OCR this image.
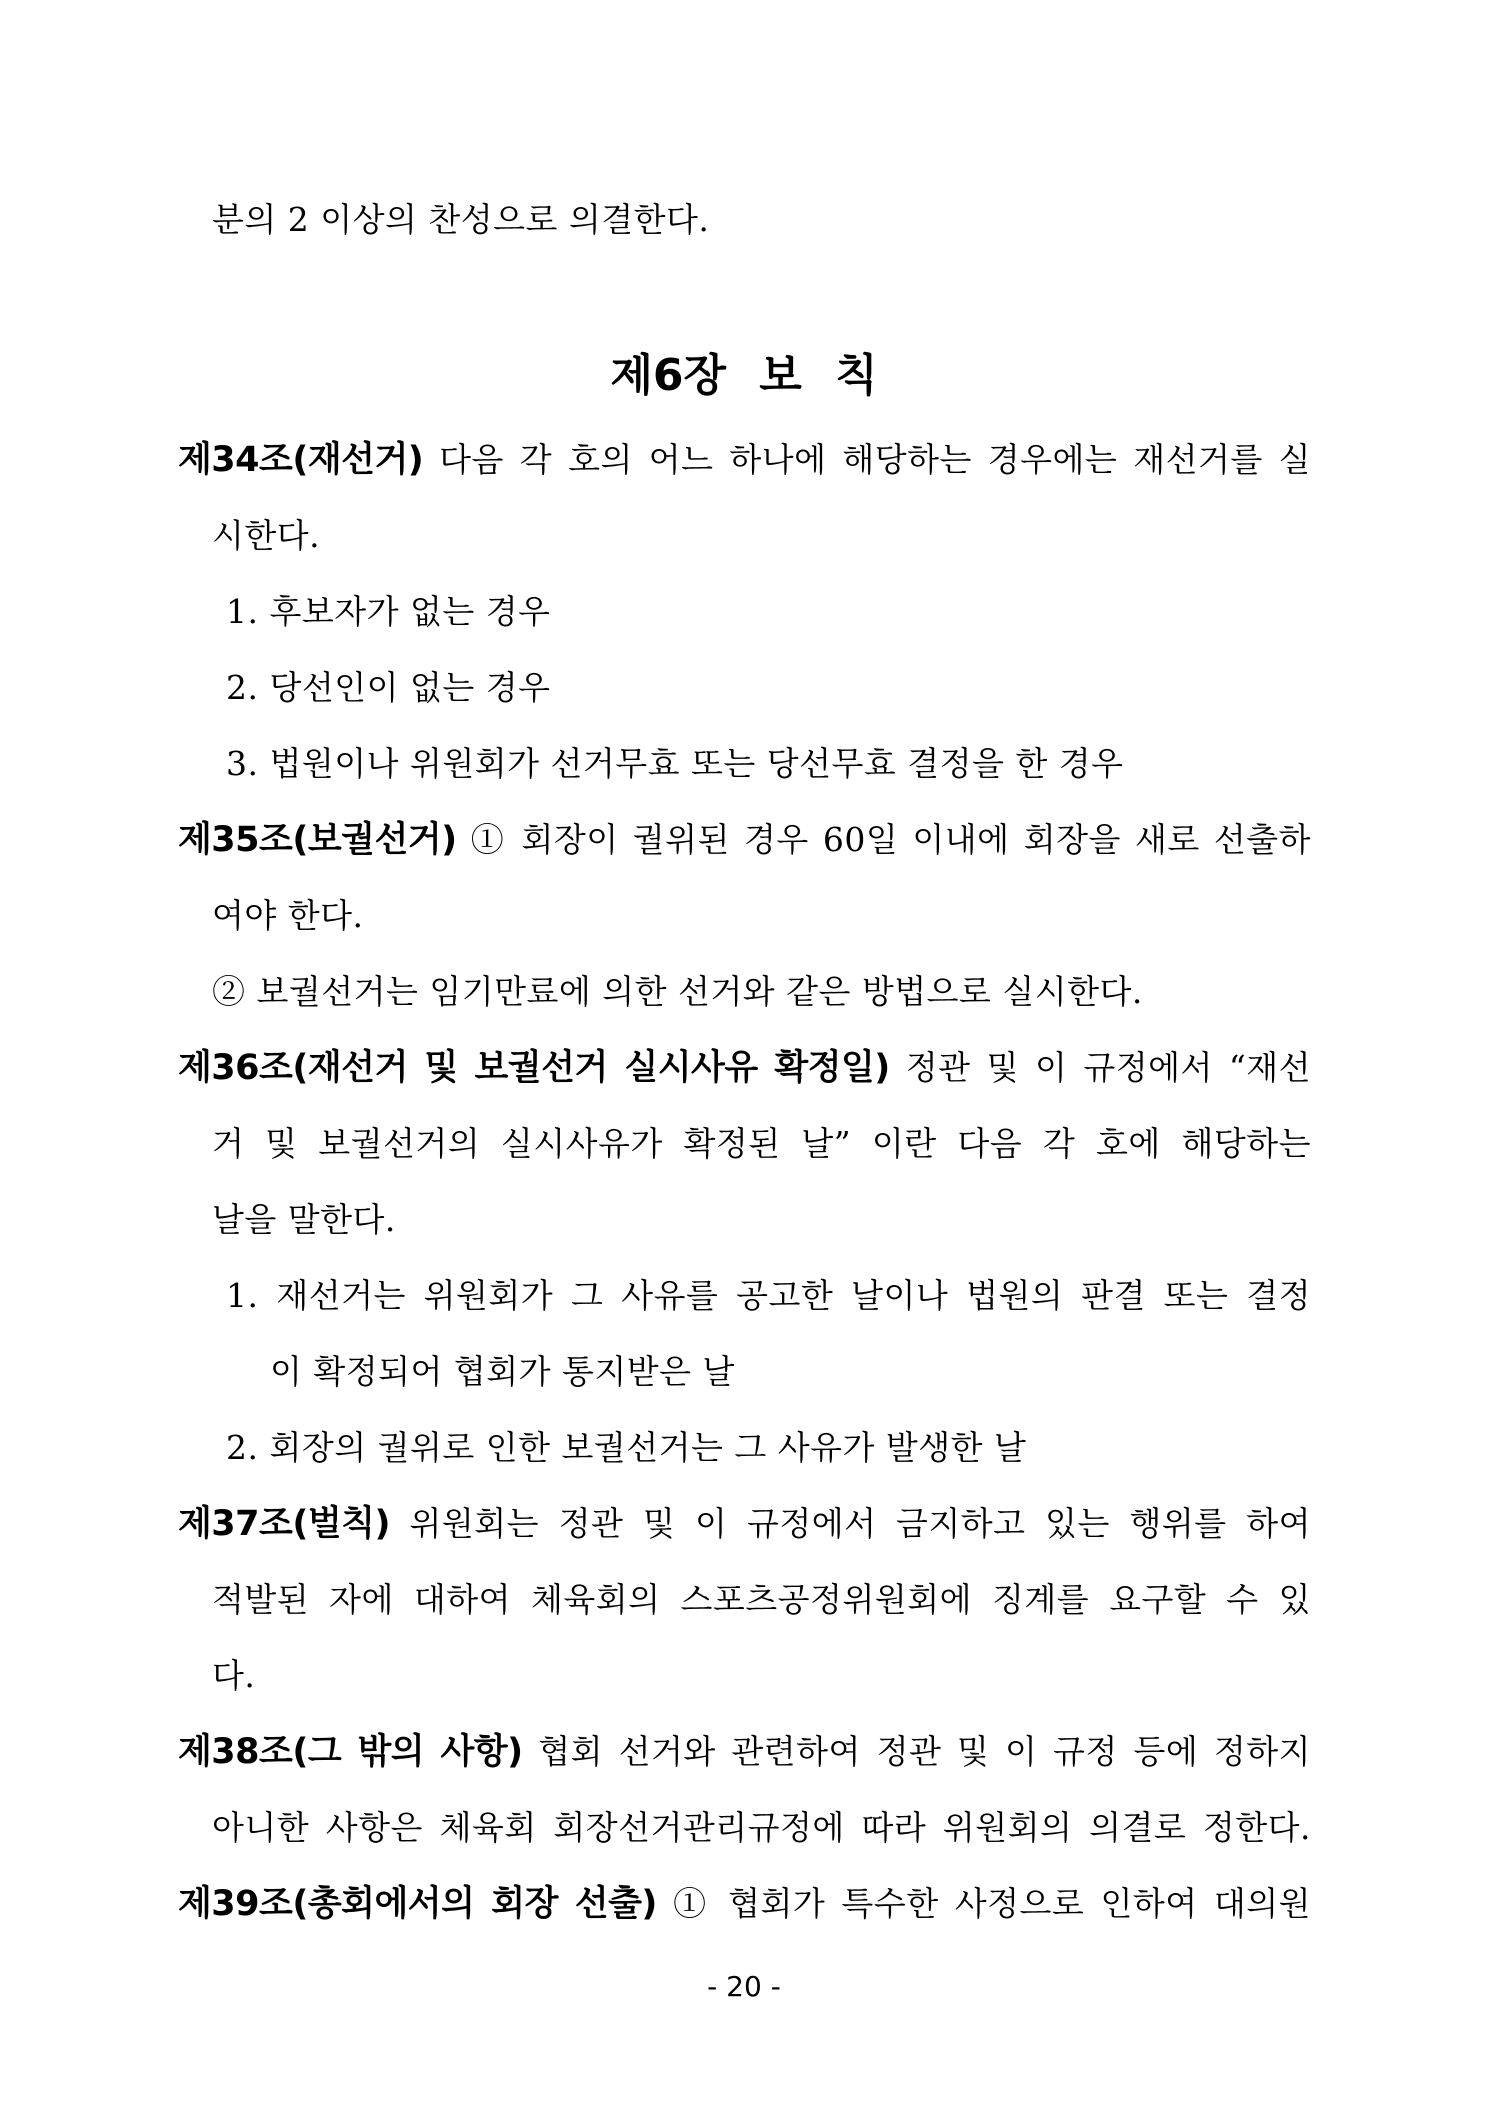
분의 2 이상의 찬성으로 의결한다.
제6장 보 칙
제34조(재선거) 다음 각 호의 어느 하나에 해당하는 경우에는 재선거를 실
시한다.
1. 후보자가 없는 경우
2. 당선인이 없는 경우
3. 법원이나 위원회가 선거무효 또는 당선무효 결정을 한 경우
제35조(보궐선거) ① 회장이 궐위된 경우 60일 이내에 회장을 새로 선출하
여야 한다.
② 보궐선거는 임기만료에 의한 선거와 같은 방법으로 실시한다.
제36조(재선거 및 보궐선거 실시사유 확정일) 정관 및 이 규정에서 “재선
거 및 보궐선거의 실시사유가 확정된 날” 이란 다음 각 호에 해당하는
날을 말한다.
1. 재선거는 위원회가 그 사유를 공고한 날이나 법원의 판결 또는 결정
이 확정되어 협회가 통지받은 날
2. 회장의 궐위로 인한 보궐선거는 그 사유가 발생한 날
제37조(벌칙) 위원회는 정관 및 이 규정에서 금지하고 있는 행위를 하여
적발된 자에 대하여 체육회의 스포츠공정위원회에 징계를 요구할 수 있
다.
제38조(그 밖의 사항) 협회 선거와 관련하여 정관 및 이 규정 등에 정하지
아니한 사항은 체육회 회장선거관리규정에 따라 위원회의 의결로 정한다.
제39조(총회에서의 회장 선출) ① 협회가 특수한 사정으로 인하여 대의원
- 20 -
